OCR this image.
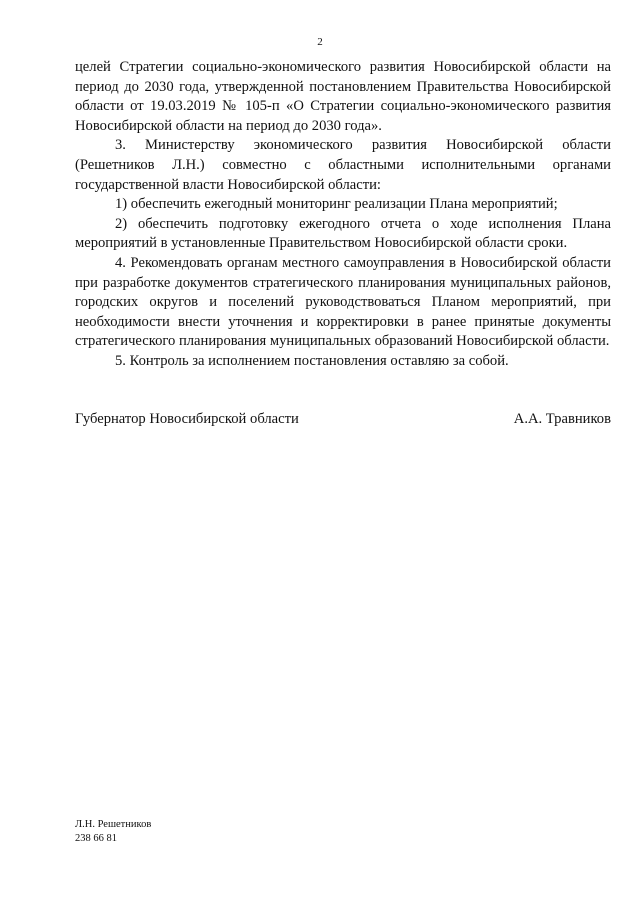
2

целей Стратегии социально-экономического развития Новосибирской области на период до 2030 года, утвержденной постановлением Правительства Новосибирской области от 19.03.2019 № 105-п «О Стратегии социально-экономического развития Новосибирской области на период до 2030 года».

3. Министерству экономического развития Новосибирской области (Решетников Л.Н.) совместно с областными исполнительными органами государственной власти Новосибирской области:

1) обеспечить ежегодный мониторинг реализации Плана мероприятий;

2) обеспечить подготовку ежегодного отчета о ходе исполнения Плана мероприятий в установленные Правительством Новосибирской области сроки.

4. Рекомендовать органам местного самоуправления в Новосибирской области при разработке документов стратегического планирования муниципальных районов, городских округов и поселений руководствоваться Планом мероприятий, при необходимости внести уточнения и корректировки в ранее принятые документы стратегического планирования муниципальных образований Новосибирской области.

5. Контроль за исполнением постановления оставляю за собой.

Губернатор Новосибирской области	А.А. Травников
Л.Н. Решетников
238 66 81
